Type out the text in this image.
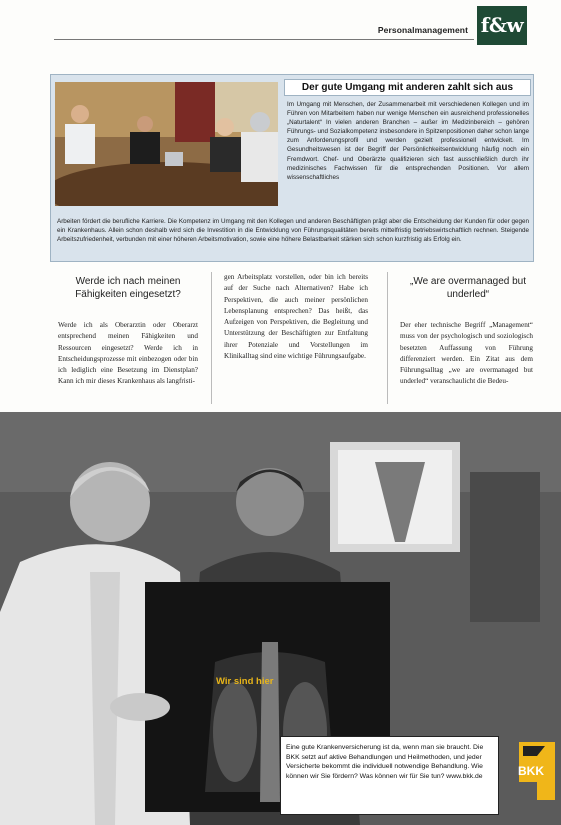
f&w
Personalmanagement
Der gute Umgang mit anderen zahlt sich aus
Im Umgang mit Menschen, der Zusammenarbeit mit verschiedenen Kollegen und im Führen von Mitarbeitern haben nur wenige Menschen ein ausreichend professionelles „Naturtalent“ In vielen anderen Branchen – außer im Medizinbereich – gehören Führungs- und Sozialkompetenz insbesondere in Spitzenpositionen daher schon lange zum Anforderungsprofil und werden gezielt professionell entwickelt. Im Gesundheitswesen ist der Begriff der Persönlichkeitsentwicklung häufig noch ein Fremdwort. Chef- und Oberärzte qualifizieren sich fast ausschließlich durch ihr medizinisches Fachwissen für die entsprechenden Positionen. Vor allem wissenschaftliches
Arbeiten fördert die berufliche Karriere. Die Kompetenz im Umgang mit den Kollegen und anderen Beschäftigten prägt aber die Entscheidung der Kunden für oder gegen ein Krankenhaus. Allein schon deshalb wird sich die Investition in die Entwicklung von Führungsqualitäten bereits mittelfristig betriebswirtschaftlich rechnen. Steigende Arbeitszufriedenheit, verbunden mit einer höheren Arbeitsmotivation, sowie eine höhere Belastbarkeit stärken sich schon kurzfristig als Erfolg ein.
Werde ich nach meinen Fähigkeiten eingesetzt?
Werde ich als Oberarztin oder Oberarzt entsprechend meinen Fähigkeiten und Ressourcen eingesetzt? Werde ich in Entscheidungsprozesse mit einbezogen oder bin ich lediglich eine Besetzung im Dienstplan? Kann ich mir dieses Krankenhaus als langfristi-
gen Arbeitsplatz vorstellen, oder bin ich bereits auf der Suche nach Alternativen? Habe ich Perspektiven, die auch meiner persönlichen Lebensplanung entsprechen? Das heißt, das Aufzeigen von Perspektiven, die Begleitung und Unterstützung der Beschäftigten zur Entfaltung ihrer Potenziale und Vorstellungen im Klinikalltag sind eine wichtige Führungsaufgabe.
„We are overmanaged but underled“
Der eher technische Begriff „Management“ muss von der psychologisch und soziologisch besetzten Auffassung von Führung differenziert werden. Ein Zitat aus dem Führungsalltag „we are overmanaged but underled“ veranschaulicht die Bedeu-
Wir sind hier
Eine gute Krankenversicherung ist da, wenn man sie braucht. Die BKK setzt auf aktive Behandlungen und Heilmethoden, und jeder Versicherte bekommt die individuell notwendige Behandlung. Wie können wir Sie fördern? Was können wir für Sie tun? www.bkk.de	BKK
